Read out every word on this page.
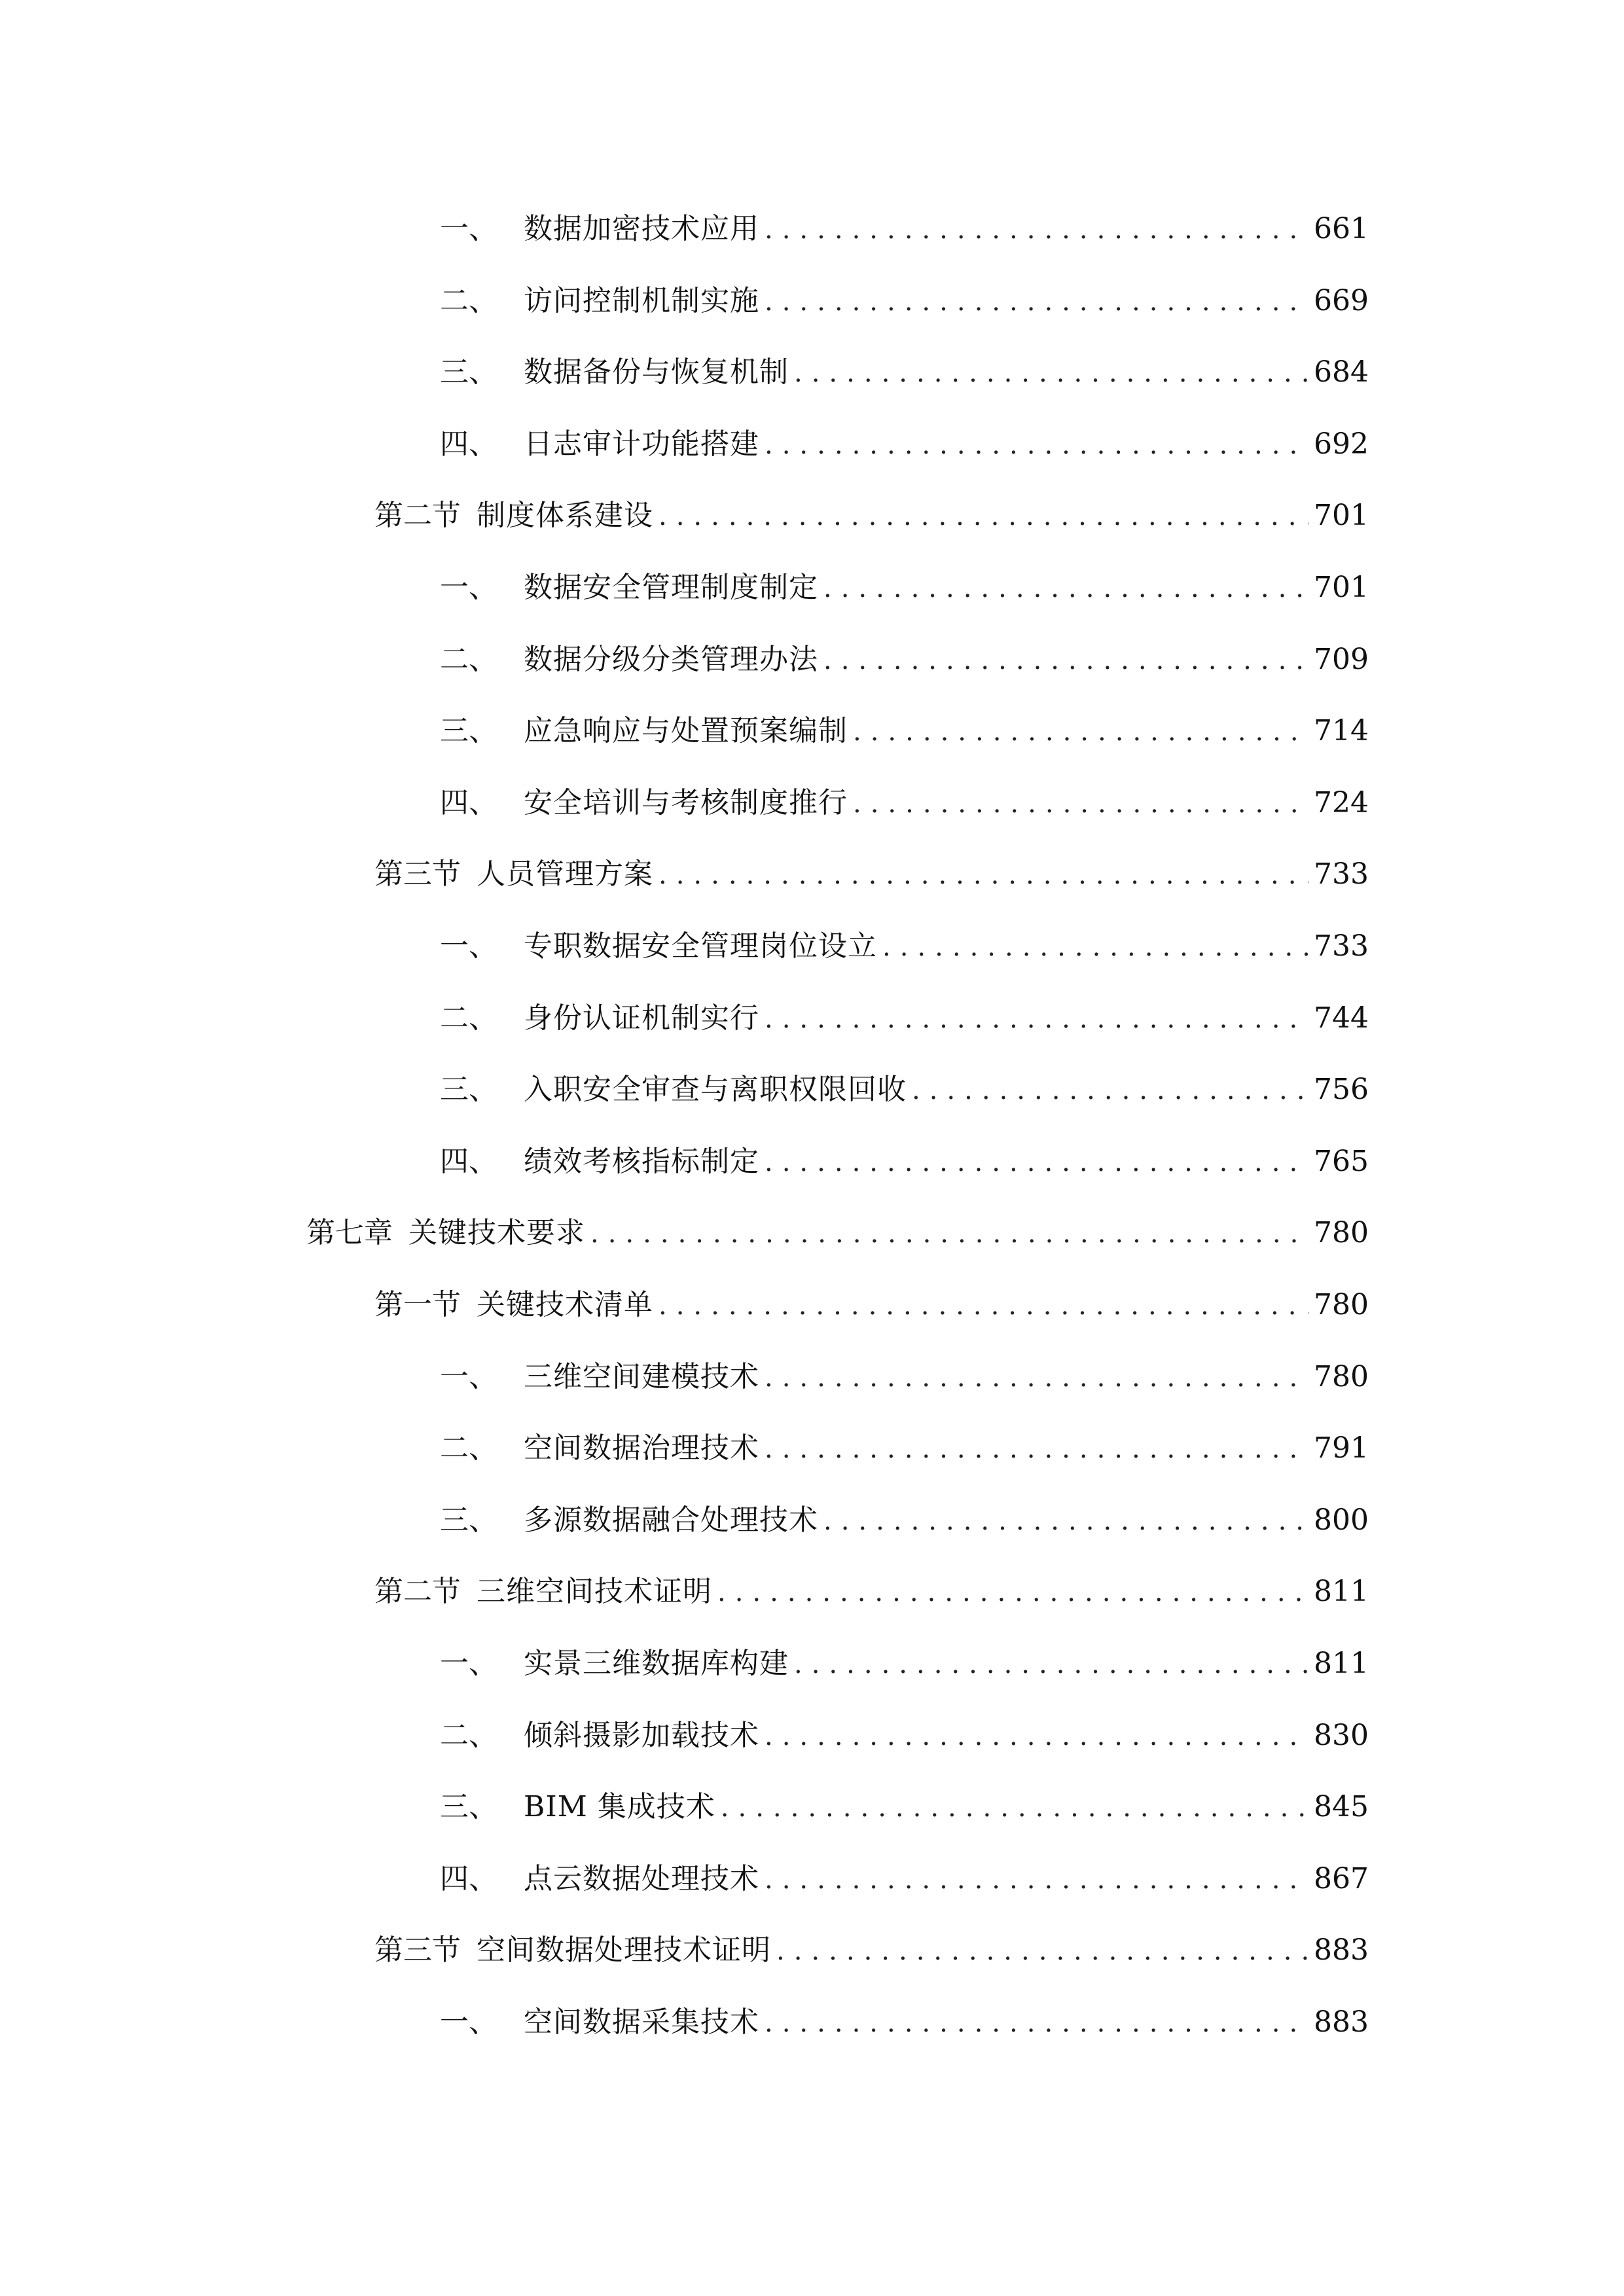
一、 数据加密技术应用 .....	661
二、 访问控制机制实施 .....	669
三、 数据备份与恢复机制 .....	684
四、 日志审计功能搭建 .....	692
第二节 制度体系建设 .....	701
一、 数据安全管理制度制定 .....	701
二、 数据分级分类管理办法 .....	709
三、 应急响应与处置预案编制 .....	714
四、 安全培训与考核制度推行 .....	724
第三节 人员管理方案 .....	733
一、 专职数据安全管理岗位设立 .....	733
二、 身份认证机制实行 .....	744
三、 入职安全审查与离职权限回收 .....	756
四、 绩效考核指标制定 .....	765
第七章 关键技术要求 .....	780
第一节 关键技术清单 .....	780
一、 三维空间建模技术 .....	780
二、 空间数据治理技术 .....	791
三、 多源数据融合处理技术 .....	800
第二节 三维空间技术证明 .....	811
一、 实景三维数据库构建 .....	811
二、 倾斜摄影加载技术 .....	830
三、 BIM 集成技术 .....	845
四、 点云数据处理技术 .....	867
第三节 空间数据处理技术证明 .....	883
一、 空间数据采集技术 .....	883
